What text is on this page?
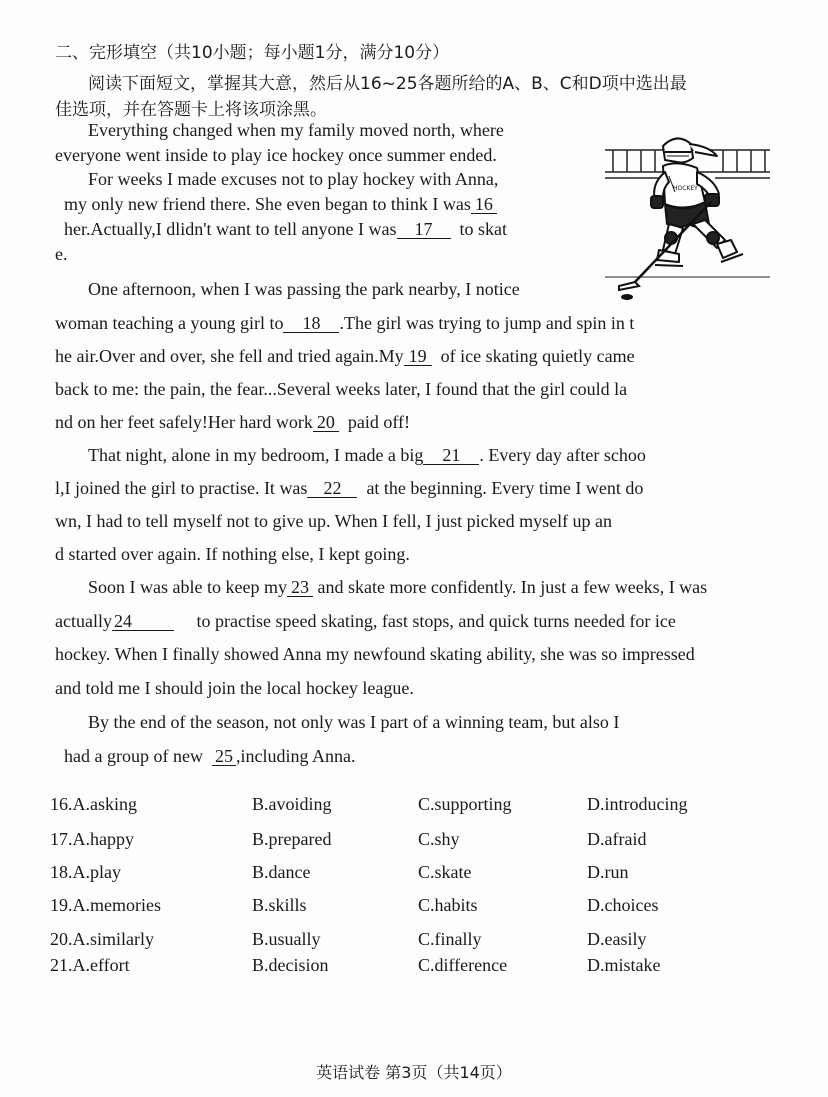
二、完形填空（共10小题；每小题1分，满分10分）
阅读下面短文，掌握其大意，然后从16~25各题所给的A、B、C和D项中选出最
佳选项，并在答题卡上将该项涂黑。
Everything changed when my family moved north, where
everyone went inside to play ice hockey once summer ended.
For weeks I made excuses not to play hockey with Anna,
my only new friend there. She even began to think I was 16
her.Actually,I dlidn't want to tell anyone I was 17 to skat
e.
One afternoon, when I was passing the park nearby, I notice
woman teaching a young girl to 18 .The girl was trying to jump and spin in t
he air.Over and over, she fell and tried again.My 19 of ice skating quietly came
back to me: the pain, the fear...Several weeks later, I found that the girl could la
nd on her feet safely!Her hard work 20 paid off!
That night, alone in my bedroom, I made a big 21 . Every day after schoo
l,I joined the girl to practise. It was 22 at the beginning. Every time I went do
wn, I had to tell myself not to give up. When I fell, I just picked myself up an
d started over again. If nothing else, I kept going.
Soon I was able to keep my 23 and skate more confidently. In just a few weeks, I was
actually 24	to practise speed skating, fast stops, and quick turns needed for ice
hockey. When I finally showed Anna my newfound skating ability, she was so impressed
and told me I should join the local hockey league.
By the end of the season, not only was I part of a winning team, but also I
had a group of new 25 ,including Anna.
16.A.asking	B.avoiding	C.supporting	D.introducing
17.A.happy	B.prepared	C.shy	D.afraid
18.A.play	B.dance	C.skate	D.run
19.A.memories	B.skills	C.habits	D.choices
20.A.similarly	B.usually	C.finally	D.easily
21.A.effort	B.decision	C.difference	D.mistake
英语试卷 第3页（共14页）
HOCKEY
